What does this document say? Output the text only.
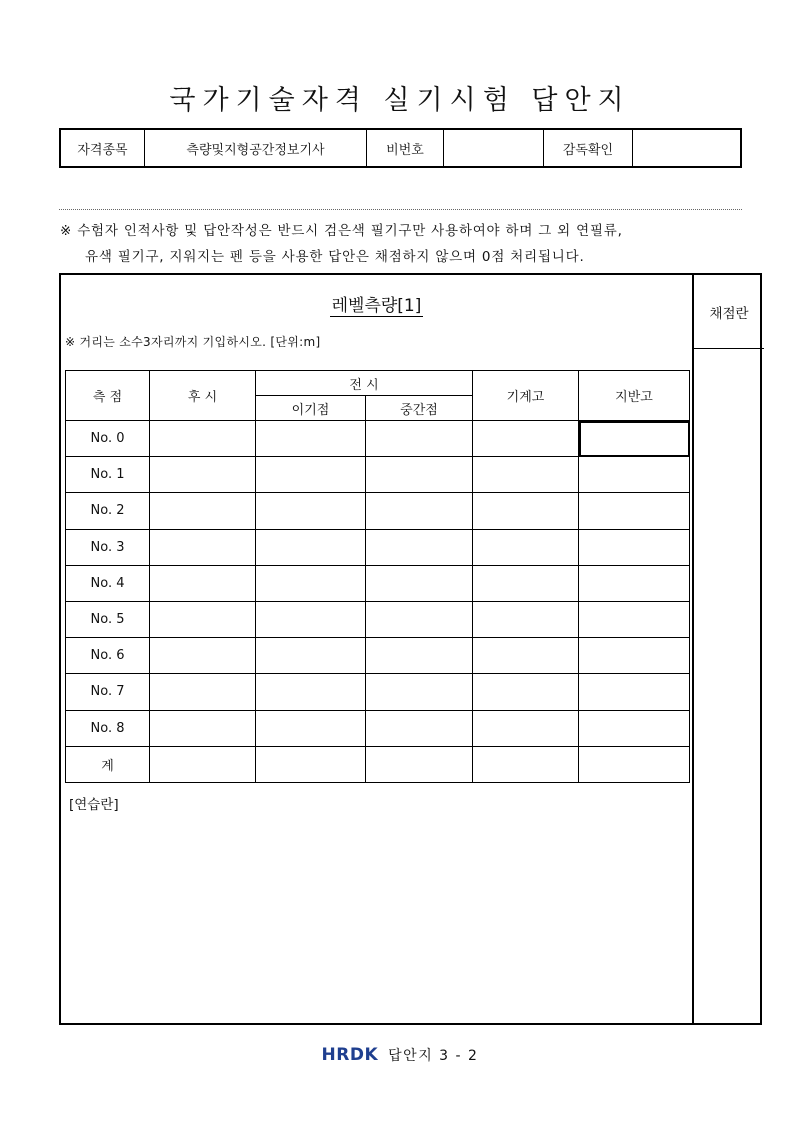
국가기술자격 실기시험 답안지
자격종목	측량및지형공간정보기사	비번호	감독확인
※ 수험자 인적사항 및 답안작성은 반드시 검은색 필기구만 사용하여야 하며 그 외 연필류,
유색 필기구, 지워지는 펜 등을 사용한 답안은 채점하지 않으며 0점 처리됩니다.
레벨측량[1]
※ 거리는 소수3자리까지 기입하시오. [단위:m]
측 점	후 시	전 시		기계고	지반고
		이기점	중간점		
No. 0					
No. 1					
No. 2					
No. 3					
No. 4					
No. 5					
No. 6					
No. 7					
No. 8					
계					
[연습란]
채점란
HRDK 답안지 3 - 2
